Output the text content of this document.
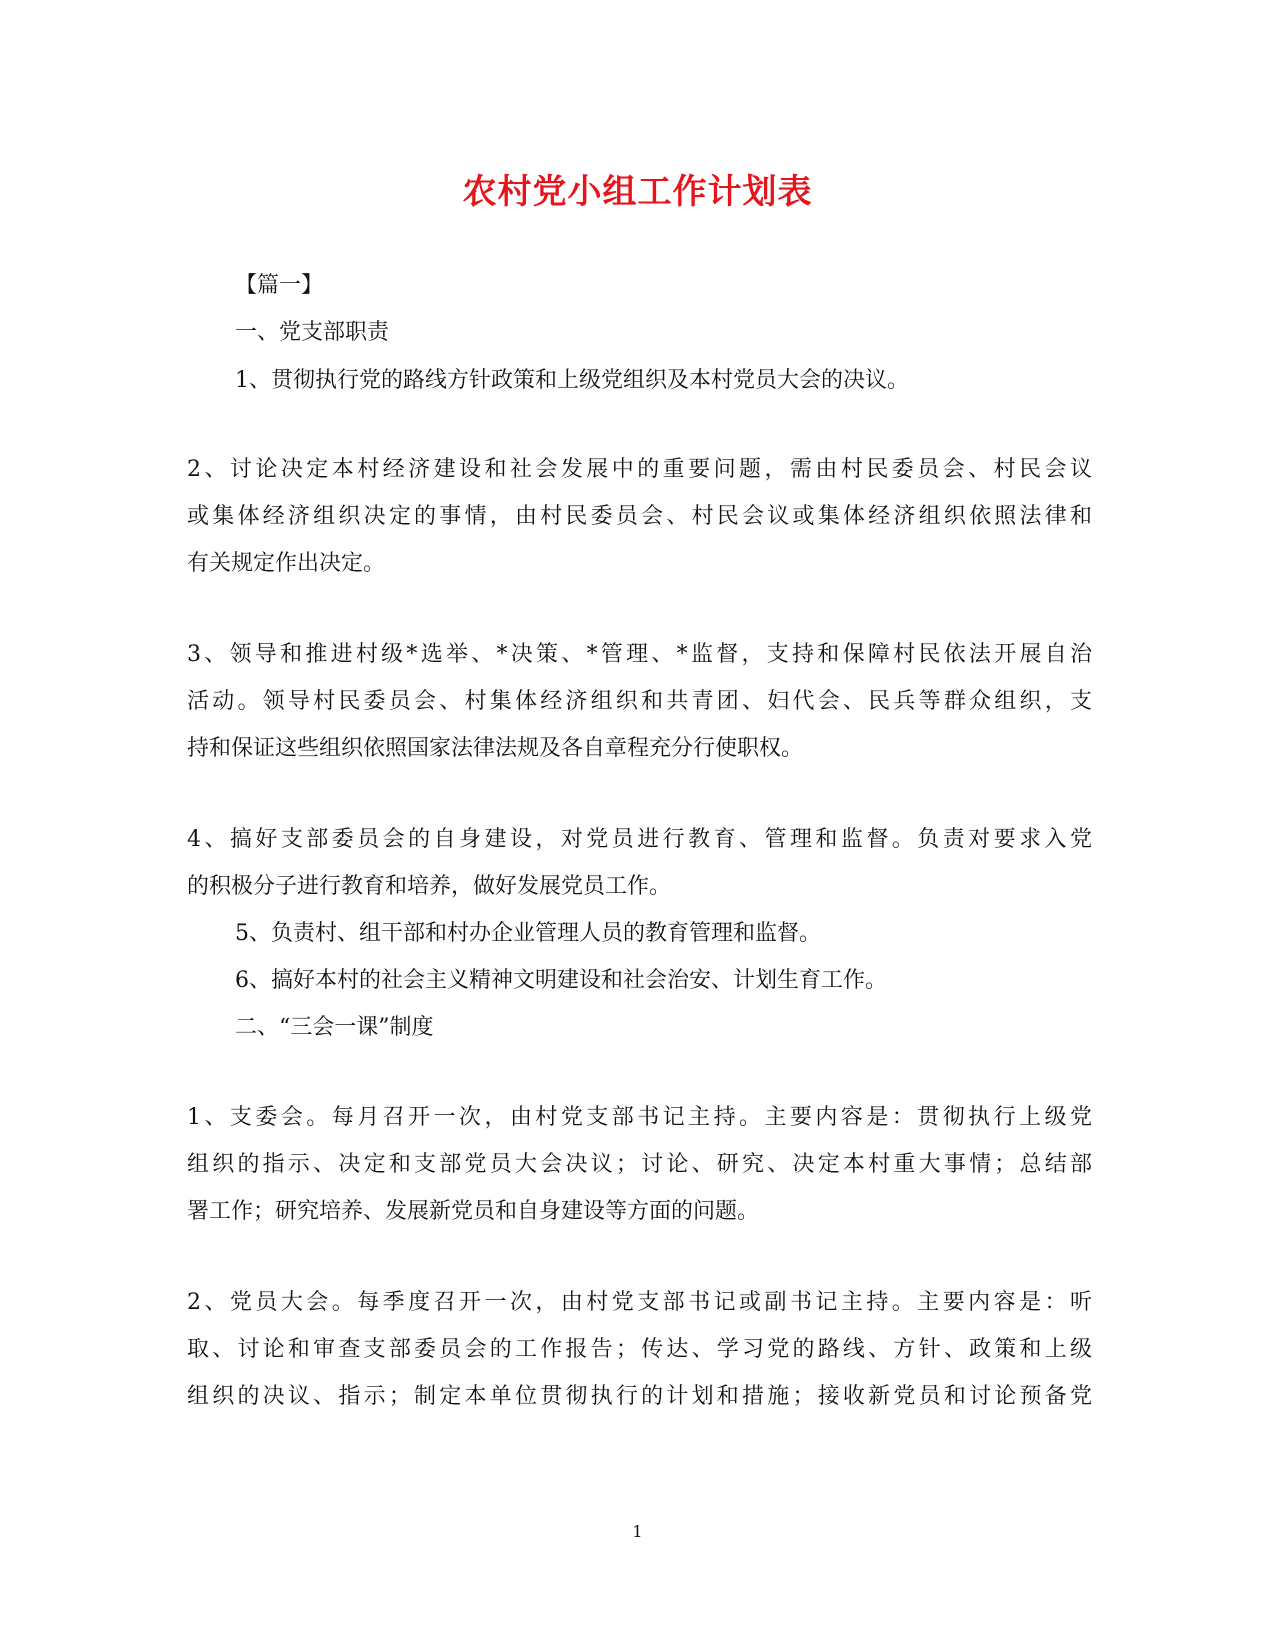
农村党小组工作计划表
【篇一】
一、党支部职责
1、贯彻执行党的路线方针政策和上级党组织及本村党员大会的决议。
2、讨论决定本村经济建设和社会发展中的重要问题，需由村民委员会、村民会议
或集体经济组织决定的事情，由村民委员会、村民会议或集体经济组织依照法律和
有关规定作出决定。
3、领导和推进村级*选举、*决策、*管理、*监督，支持和保障村民依法开展自治
活动。领导村民委员会、村集体经济组织和共青团、妇代会、民兵等群众组织，支
持和保证这些组织依照国家法律法规及各自章程充分行使职权。
4、搞好支部委员会的自身建设，对党员进行教育、管理和监督。负责对要求入党
的积极分子进行教育和培养，做好发展党员工作。
5、负责村、组干部和村办企业管理人员的教育管理和监督。
6、搞好本村的社会主义精神文明建设和社会治安、计划生育工作。
二、“三会一课”制度
1、支委会。每月召开一次，由村党支部书记主持。主要内容是：贯彻执行上级党
组织的指示、决定和支部党员大会决议；讨论、研究、决定本村重大事情；总结部
署工作；研究培养、发展新党员和自身建设等方面的问题。
2、党员大会。每季度召开一次，由村党支部书记或副书记主持。主要内容是：听
取、讨论和审查支部委员会的工作报告；传达、学习党的路线、方针、政策和上级
组织的决议、指示；制定本单位贯彻执行的计划和措施；接收新党员和讨论预备党
1
